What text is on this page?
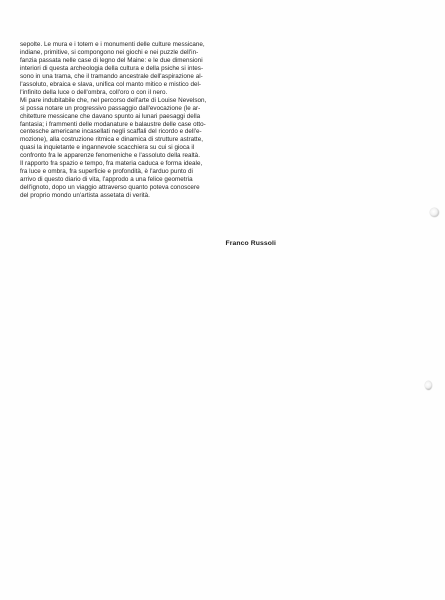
sepolte. Le mura e i totem e i monumenti delle culture messicane,
indiane, primitive, si compongono nei giochi e nei puzzle dell'in-
fanzia passata nelle case di legno del Maine: e le due dimensioni
interiori di questa archeologia della cultura e della psiche si intes-
sono in una trama, che il tramando ancestrale dell'aspirazione al-
l'assoluto, ebraica e slava, unifica col manto mitico e mistico del-
l'infinito della luce o dell'ombra, coll'oro o con il nero.
Mi pare indubitabile che, nel percorso dell'arte di Louise Nevelson,
si possa notare un progressivo passaggio dall'evocazione (le ar-
chitetture messicane che davano spunto ai lunari paesaggi della
fantasia; i frammenti delle modanature e balaustre delle case otto-
centesche americane incasellati negli scaffali del ricordo e dell'e-
mozione), alla costruzione ritmica e dinamica di strutture astratte,
quasi la inquietante e ingannevole scacchiera su cui si gioca il
confronto fra le apparenze fenomeniche e l'assoluto della realtà.
Il rapporto fra spazio e tempo, fra materia caduca e forma ideale,
fra luce e ombra, fra superficie e profondità, è l'arduo punto di
arrivo di questo diario di vita, l'approdo a una felice geometria
dell'ignoto, dopo un viaggio attraverso quanto poteva conoscere
del proprio mondo un'artista assetata di verità.
Franco Russoli
